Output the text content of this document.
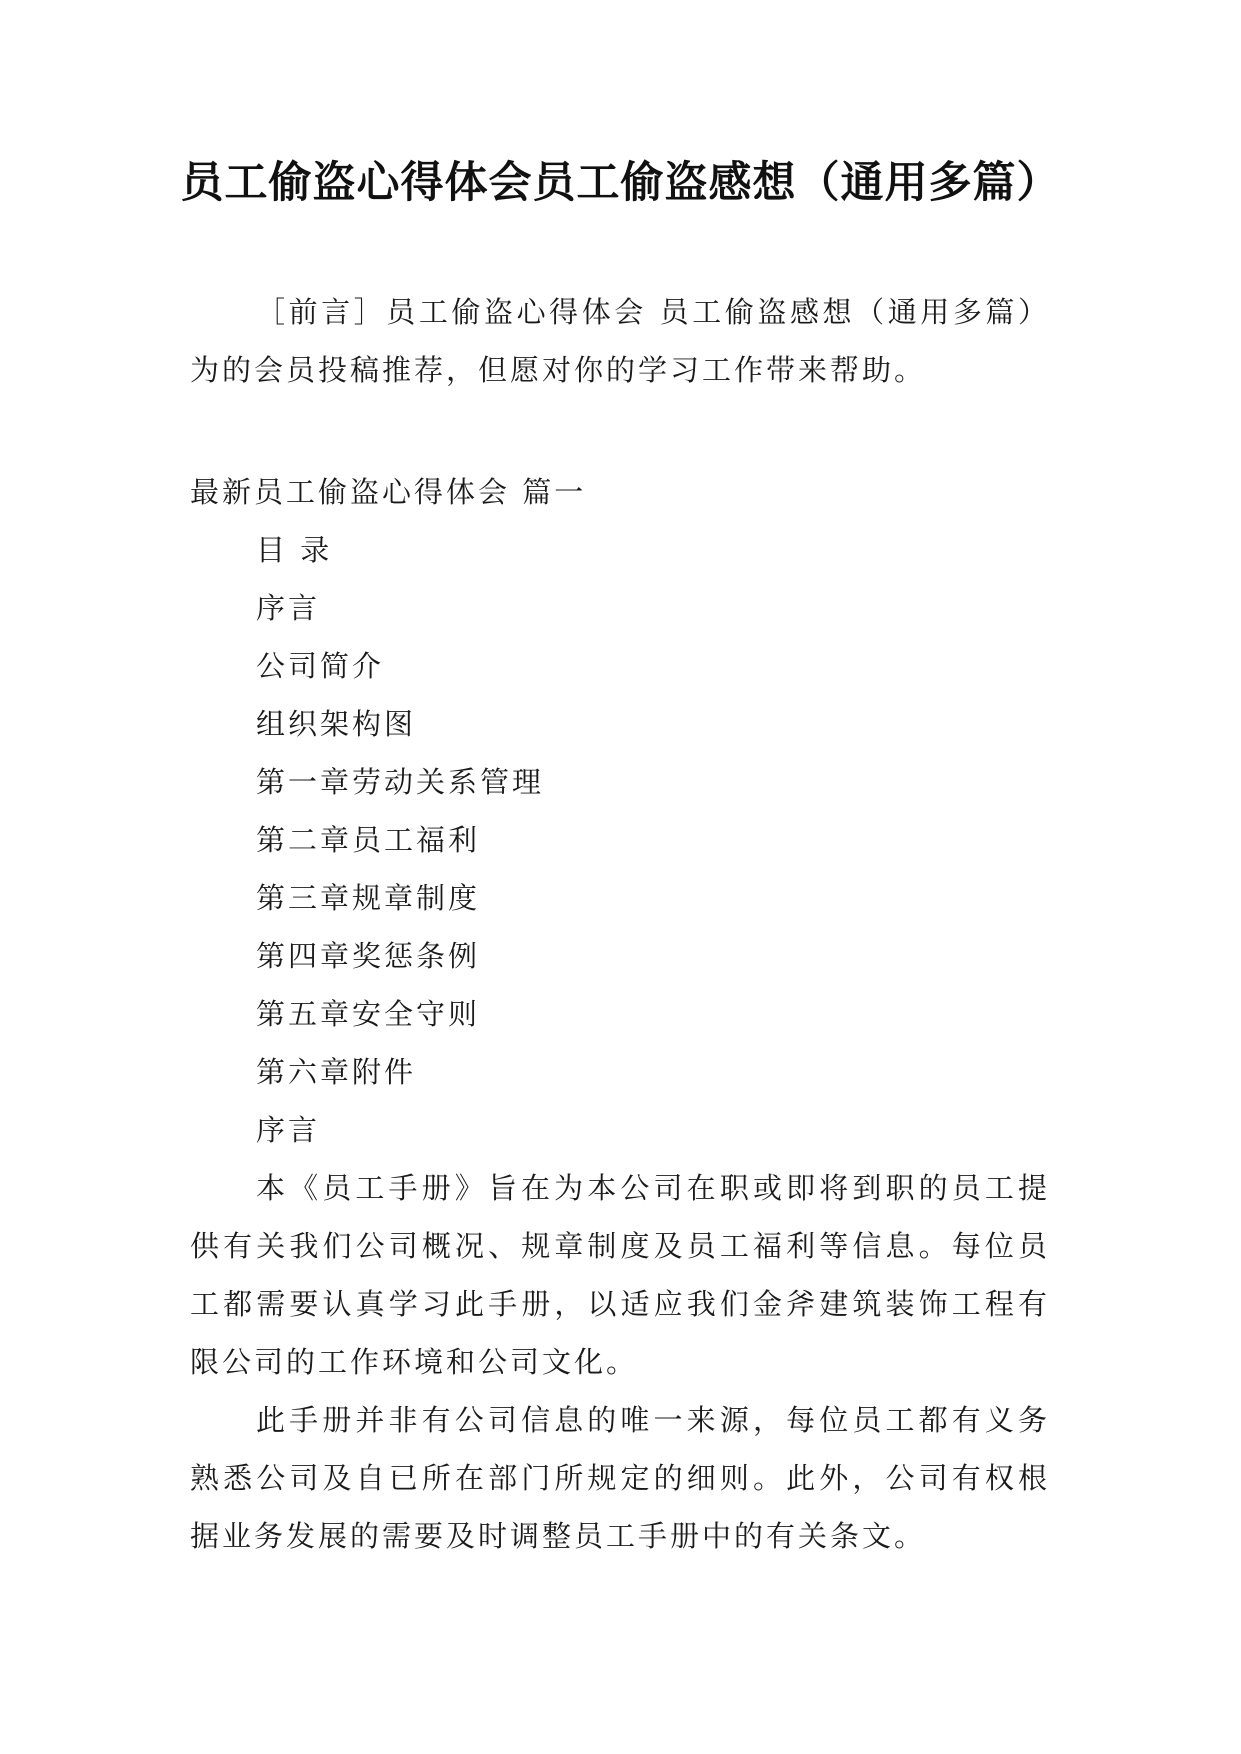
员工偷盗心得体会员工偷盗感想（通用多篇）

［前言］员工偷盗心得体会 员工偷盗感想（通用多篇）为的会员投稿推荐，但愿对你的学习工作带来帮助。

最新员工偷盗心得体会 篇一

目 录
序言
公司简介
组织架构图
第一章劳动关系管理
第二章员工福利
第三章规章制度
第四章奖惩条例
第五章安全守则
第六章附件
序言

本《员工手册》旨在为本公司在职或即将到职的员工提供有关我们公司概况、规章制度及员工福利等信息。每位员工都需要认真学习此手册，以适应我们金斧建筑装饰工程有限公司的工作环境和公司文化。

此手册并非有公司信息的唯一来源，每位员工都有义务熟悉公司及自已所在部门所规定的细则。此外，公司有权根据业务发展的需要及时调整员工手册中的有关条文。
